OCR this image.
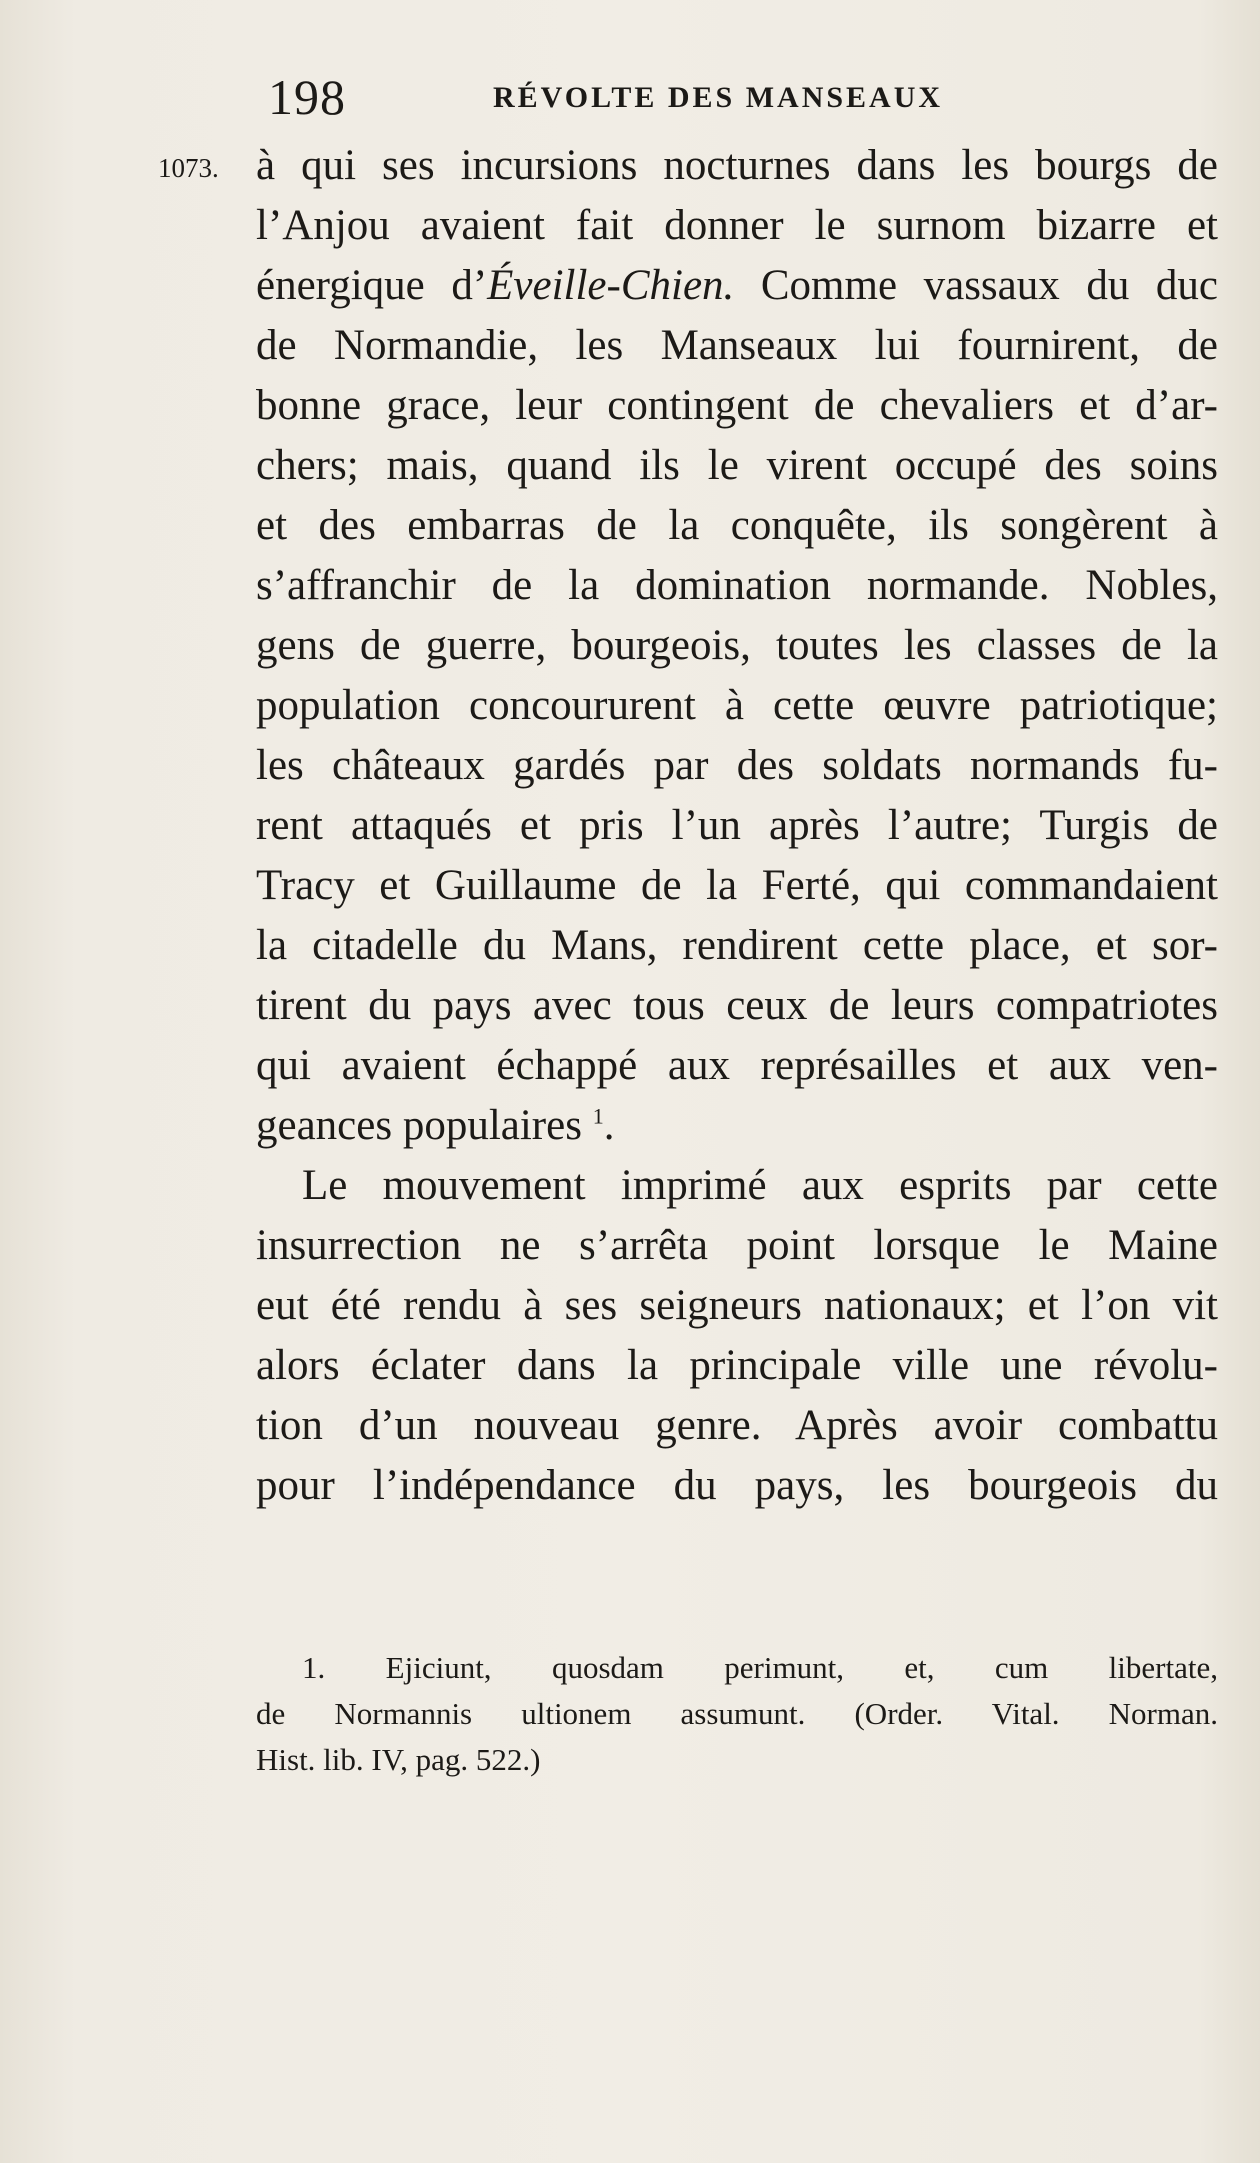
198	RÉVOLTE DES MANSEAUX
1073. à qui ses incursions nocturnes dans les bourgs de
l’Anjou avaient fait donner le surnom bizarre et
énergique d’Éveille-Chien. Comme vassaux du duc
de Normandie, les Manseaux lui fournirent, de
bonne grace, leur contingent de chevaliers et d’ar-
chers; mais, quand ils le virent occupé des soins
et des embarras de la conquête, ils songèrent à
s’affranchir de la domination normande. Nobles,
gens de guerre, bourgeois, toutes les classes de la
population concoururent à cette œuvre patriotique;
les châteaux gardés par des soldats normands fu-
rent attaqués et pris l’un après l’autre; Turgis de
Tracy et Guillaume de la Ferté, qui commandaient
la citadelle du Mans, rendirent cette place, et sor-
tirent du pays avec tous ceux de leurs compatriotes
qui avaient échappé aux représailles et aux ven-
geances populaires $^1$.
Le mouvement imprimé aux esprits par cette
insurrection ne s’arrêta point lorsque le Maine
eut été rendu à ses seigneurs nationaux; et l’on vit
alors éclater dans la principale ville une révolu-
tion d’un nouveau genre. Après avoir combattu
pour l’indépendance du pays, les bourgeois du
1. Ejiciunt, quosdam perimunt, et, cum libertate,
de Normannis ultionem assumunt. (Order. Vital. Norman.
Hist. lib. IV, pag. 522.)
